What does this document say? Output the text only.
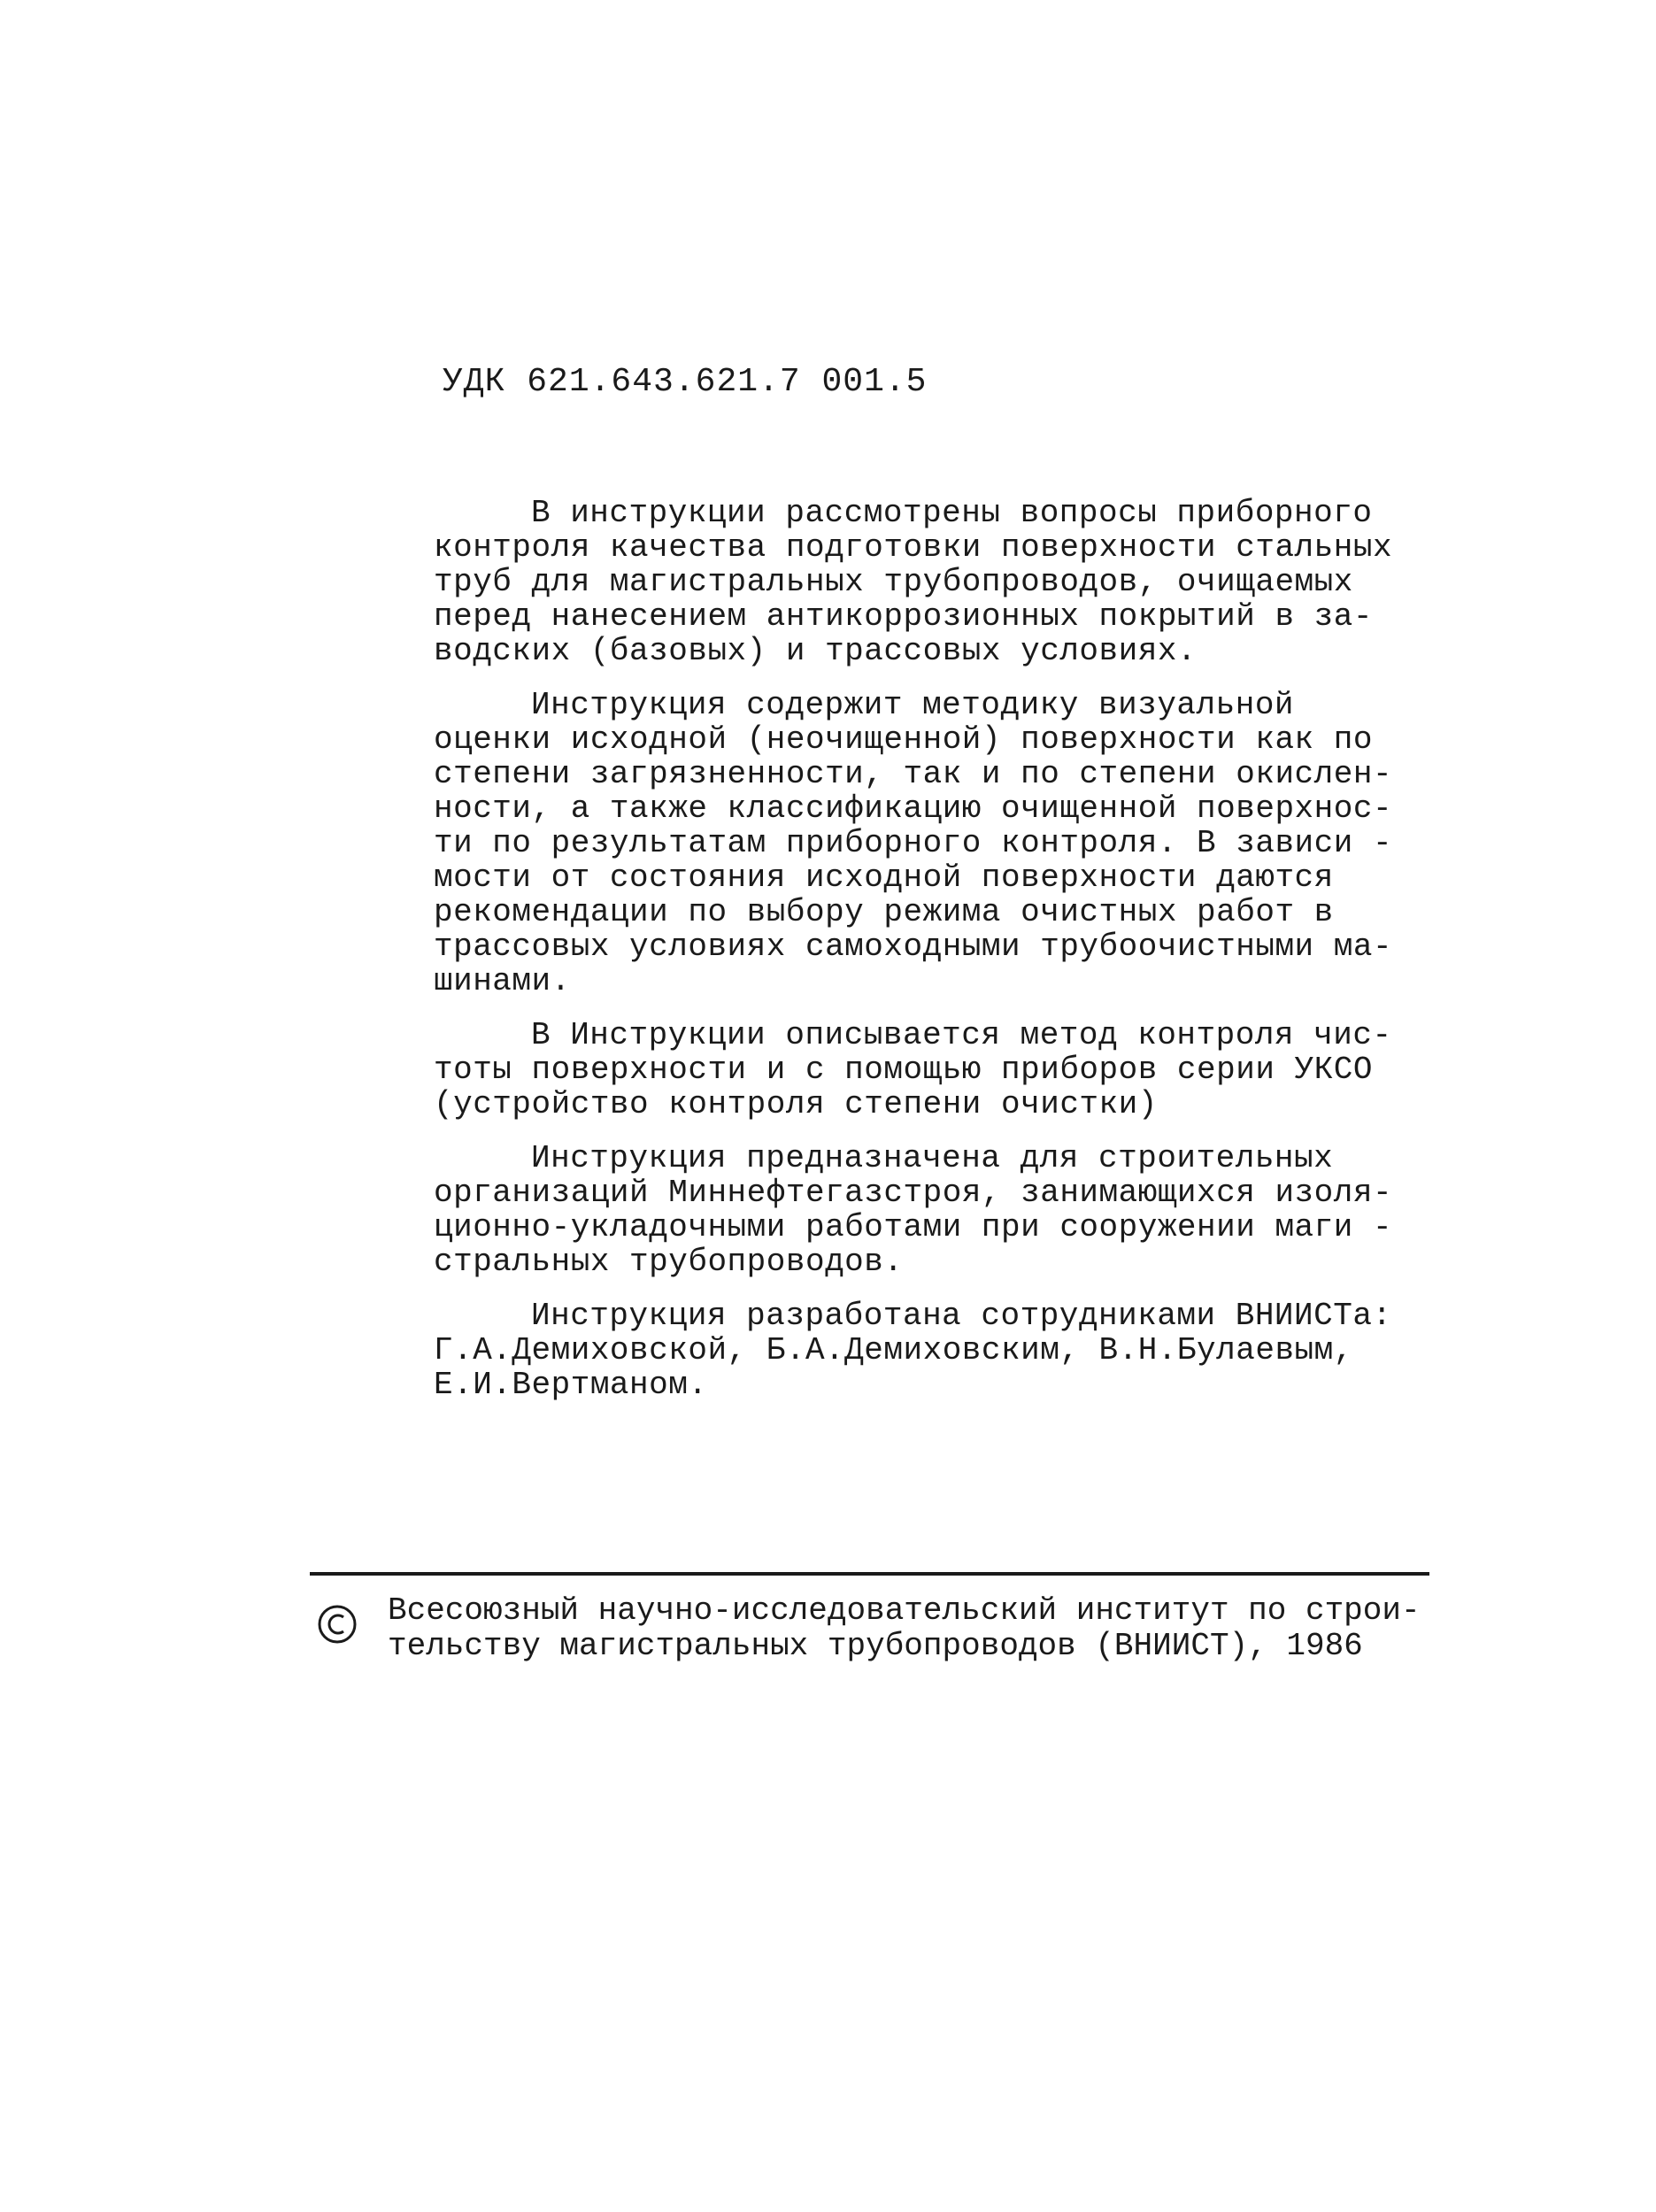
УДК 621.643.621.7 001.5
В инструкции рассмотрены вопросы приборного
контроля качества подготовки поверхности стальных
труб для магистральных трубопроводов, очищаемых
перед нанесением антикоррозионных покрытий в за-
водских (базовых) и трассовых условиях.
Инструкция содержит методику визуальной
оценки исходной (неочищенной) поверхности как по
степени загрязненности, так и по степени окислен-
ности, а также классификацию очищенной поверхнос-
ти по результатам приборного контроля. В зависи -
мости от состояния исходной поверхности даются
рекомендации по выбору режима очистных работ в
трассовых условиях самоходными трубоочистными ма-
шинами.
В Инструкции описывается метод контроля чис-
тоты поверхности и с помощью приборов серии УКСО
(устройство контроля степени очистки)
Инструкция предназначена для строительных
организаций Миннефтегазстроя, занимающихся изоля-
ционно-укладочными работами при сооружении маги -
стральных трубопроводов.
Инструкция разработана сотрудниками ВНИИСТа:
Г.А.Демиховской, Б.А.Демиховским, В.Н.Булаевым,
Е.И.Вертманом.
Всесоюзный научно-исследовательский институт по строи-
тельству магистральных трубопроводов (ВНИИСТ), 1986
